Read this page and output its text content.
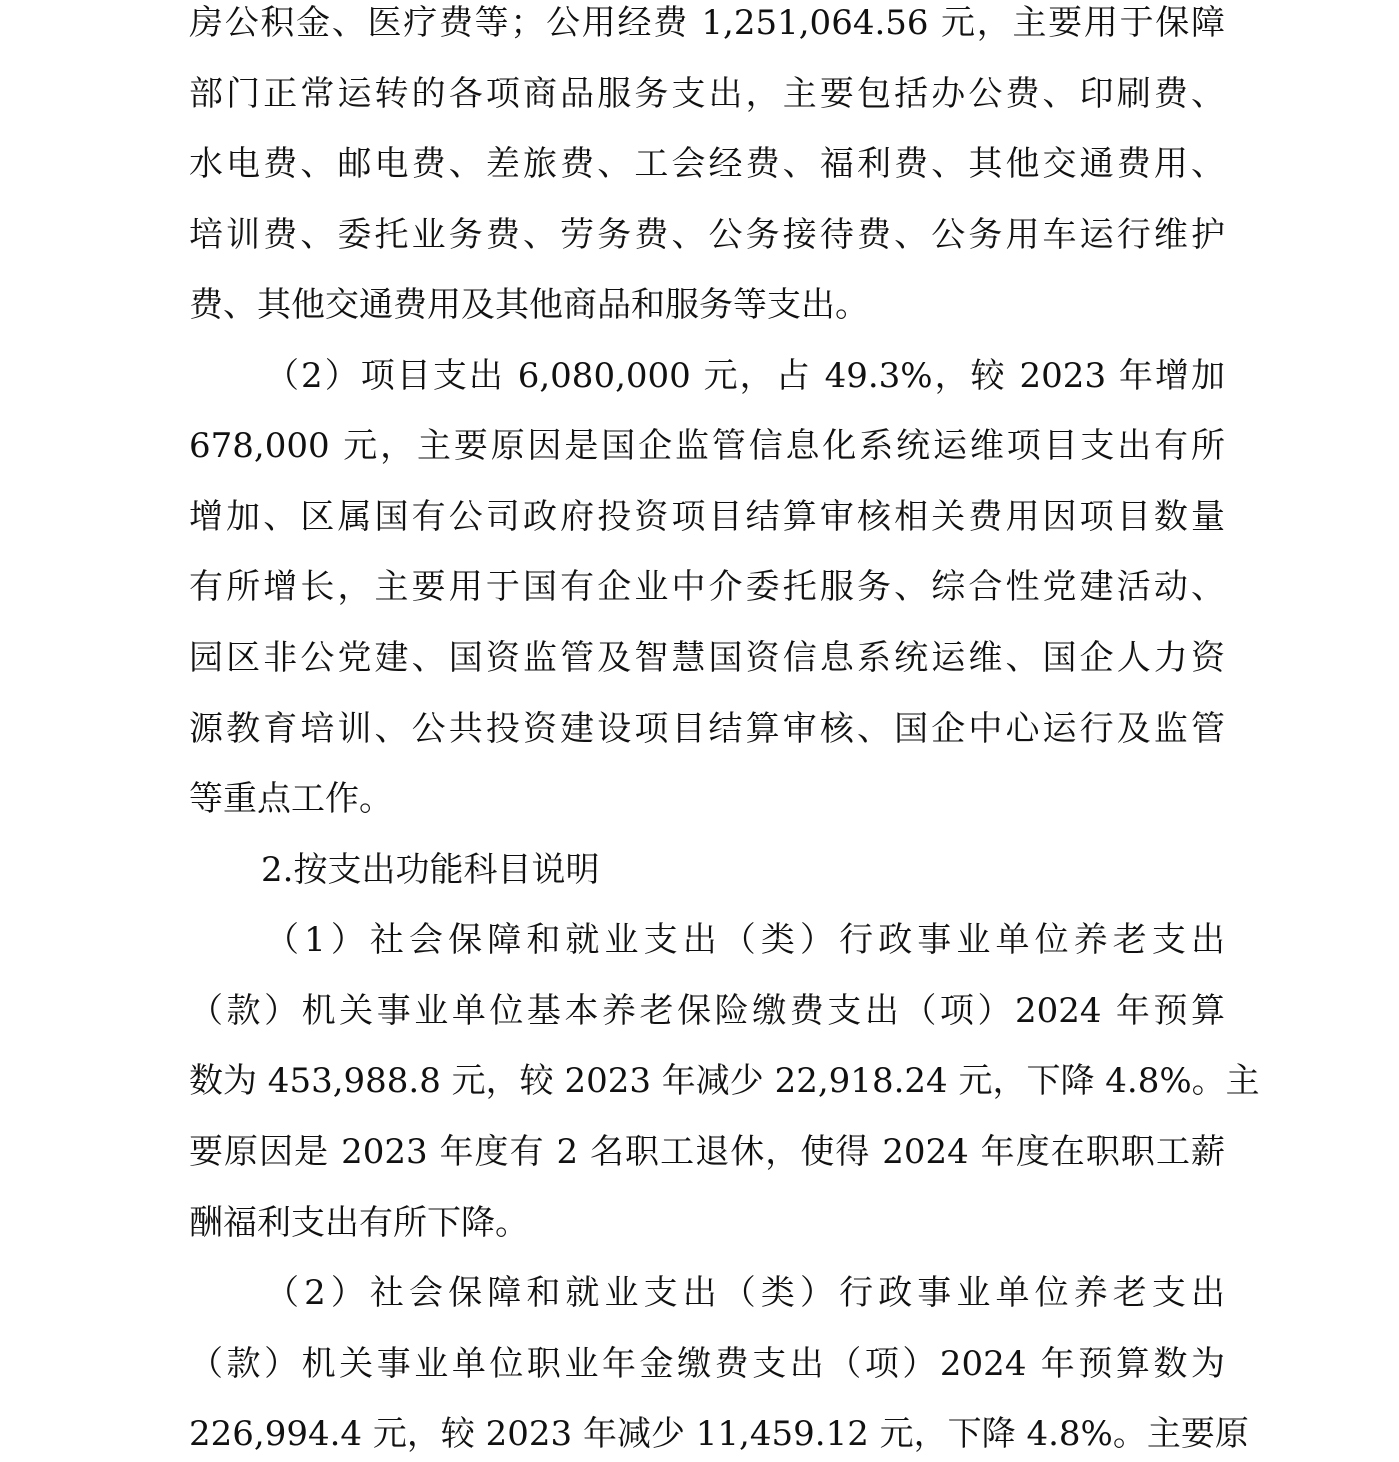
房公积金、医疗费等；公用经费 1,251,064.56 元，主要用于保障
部门正常运转的各项商品服务支出，主要包括办公费、印刷费、
水电费、邮电费、差旅费、工会经费、福利费、其他交通费用、
培训费、委托业务费、劳务费、公务接待费、公务用车运行维护
费、其他交通费用及其他商品和服务等支出。
（2）项目支出 6,080,000 元，占 49.3%，较 2023 年增加
678,000 元，主要原因是国企监管信息化系统运维项目支出有所
增加、区属国有公司政府投资项目结算审核相关费用因项目数量
有所增长，主要用于国有企业中介委托服务、综合性党建活动、
园区非公党建、国资监管及智慧国资信息系统运维、国企人力资
源教育培训、公共投资建设项目结算审核、国企中心运行及监管
等重点工作。
2.按支出功能科目说明
（1）社会保障和就业支出（类）行政事业单位养老支出
（款）机关事业单位基本养老保险缴费支出（项）2024 年预算
数为 453,988.8 元，较 2023 年减少 22,918.24 元，下降 4.8%。主
要原因是 2023 年度有 2 名职工退休，使得 2024 年度在职职工薪
酬福利支出有所下降。
（2）社会保障和就业支出（类）行政事业单位养老支出
（款）机关事业单位职业年金缴费支出（项）2024 年预算数为
226,994.4 元，较 2023 年减少 11,459.12 元，下降 4.8%。主要原
